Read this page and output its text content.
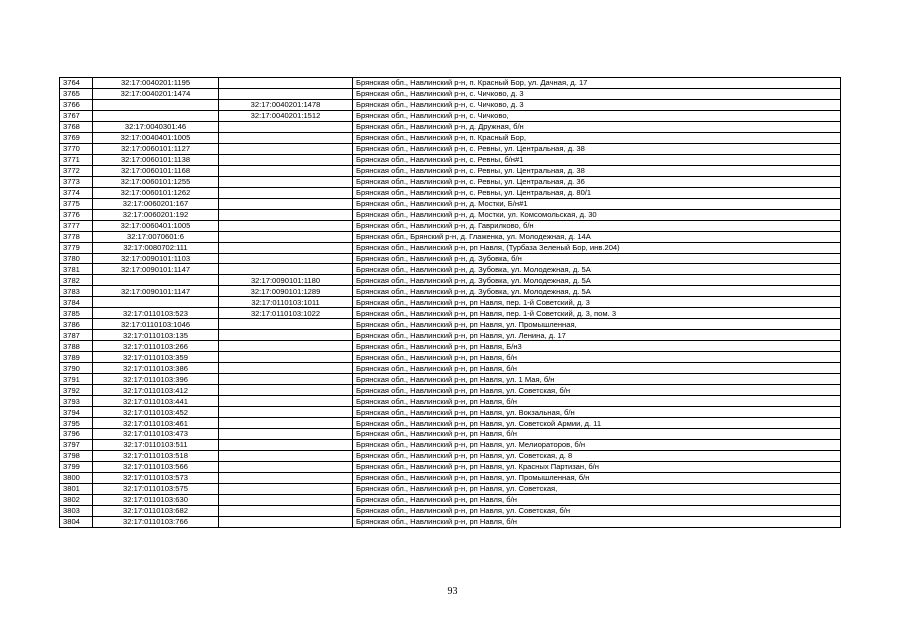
3764	32:17:0040201:1195		Брянская обл., Навлинский р-н, п. Красный Бор, ул. Дачная, д. 17
3765	32:17:0040201:1474		Брянская обл., Навлинский р-н, с. Чичково, д. 3
3766		32:17:0040201:1478	Брянская обл., Навлинский р-н, с. Чичково, д. 3
3767		32:17:0040201:1512	Брянская обл., Навлинский р-н, с. Чичково,
3768	32:17:0040301:46		Брянская обл., Навлинский р-н, д. Дружная, б/н
3769	32:17:0040401:1005		Брянская обл., Навлинский р-н, п. Красный Бор,
3770	32:17:0060101:1127		Брянская обл., Навлинский р-н, с. Ревны, ул. Центральная, д. 38
3771	32:17:0060101:1138		Брянская обл., Навлинский р-н, с. Ревны, б/н#1
3772	32:17:0060101:1168		Брянская обл., Навлинский р-н, с. Ревны, ул. Центральная, д. 38
3773	32:17:0060101:1255		Брянская обл., Навлинский р-н, с. Ревны, ул. Центральная, д. 36
3774	32:17:0060101:1262		Брянская обл., Навлинский р-н, с. Ревны, ул. Центральная, д. 80/1
3775	32:17:0060201:167		Брянская обл., Навлинский р-н, д. Мостки, Б/н#1
3776	32:17:0060201:192		Брянская обл., Навлинский р-н, д. Мостки, ул. Комсомольская, д. 30
3777	32:17:0060401:1005		Брянская обл., Навлинский р-н, д. Гаврилково, б/н
3778	32:17:0070601:6		Брянская обл., Брянский р-н, д. Глаженка, ул. Молодежная, д. 14А
3779	32:17:0080702:111		Брянская обл., Навлинский р-н, рп Навля, (Турбаза Зеленый Бор, инв.204)
3780	32:17:0090101:1103		Брянская обл., Навлинский р-н, д. Зубовка, б/н
3781	32:17:0090101:1147		Брянская обл., Навлинский р-н, д. Зубовка, ул. Молодежная, д. 5А
3782		32:17:0090101:1180	Брянская обл., Навлинский р-н, д. Зубовка, ул. Молодежная, д. 5А
3783	32:17:0090101:1147	32:17:0090101:1289	Брянская обл., Навлинский р-н, д. Зубовка, ул. Молодежная, д. 5А
3784		32:17:0110103:1011	Брянская обл., Навлинский р-н, рп Навля, пер. 1-й Советский, д. 3
3785	32:17:0110103:523	32:17:0110103:1022	Брянская обл., Навлинский р-н, рп Навля, пер. 1-й Советский, д. 3, пом. 3
3786	32:17:0110103:1046		Брянская обл., Навлинский р-н, рп Навля, ул. Промышленная,
3787	32:17:0110103:135		Брянская обл., Навлинский р-н, рп Навля, ул. Ленина, д. 17
3788	32:17:0110103:266		Брянская обл., Навлинский р-н, рп Навля, Б/н3
3789	32:17:0110103:359		Брянская обл., Навлинский р-н, рп Навля, б/н
3790	32:17:0110103:386		Брянская обл., Навлинский р-н, рп Навля, б/н
3791	32:17:0110103:396		Брянская обл., Навлинский р-н, рп Навля, ул. 1 Мая, б/н
3792	32:17:0110103:412		Брянская обл., Навлинский р-н, рп Навля, ул. Советская, б/н
3793	32:17:0110103:441		Брянская обл., Навлинский р-н, рп Навля, б/н
3794	32:17:0110103:452		Брянская обл., Навлинский р-н, рп Навля, ул. Вокзальная, б/н
3795	32:17:0110103:461		Брянская обл., Навлинский р-н, рп Навля, ул. Советской Армии, д. 11
3796	32:17:0110103:473		Брянская обл., Навлинский р-н, рп Навля, б/н
3797	32:17:0110103:511		Брянская обл., Навлинский р-н, рп Навля, ул. Мелиораторов, б/н
3798	32:17:0110103:518		Брянская обл., Навлинский р-н, рп Навля, ул. Советская, д. 8
3799	32:17:0110103:566		Брянская обл., Навлинский р-н, рп Навля, ул. Красных Партизан, б/н
3800	32:17:0110103:573		Брянская обл., Навлинский р-н, рп Навля, ул. Промышленная, б/н
3801	32:17:0110103:575		Брянская обл., Навлинский р-н, рп Навля, ул. Советская,
3802	32:17:0110103:630		Брянская обл., Навлинский р-н, рп Навля, б/н
3803	32:17:0110103:682		Брянская обл., Навлинский р-н, рп Навля, ул. Советская, б/н
3804	32:17:0110103:766		Брянская обл., Навлинский р-н, рп Навля, б/н
93
